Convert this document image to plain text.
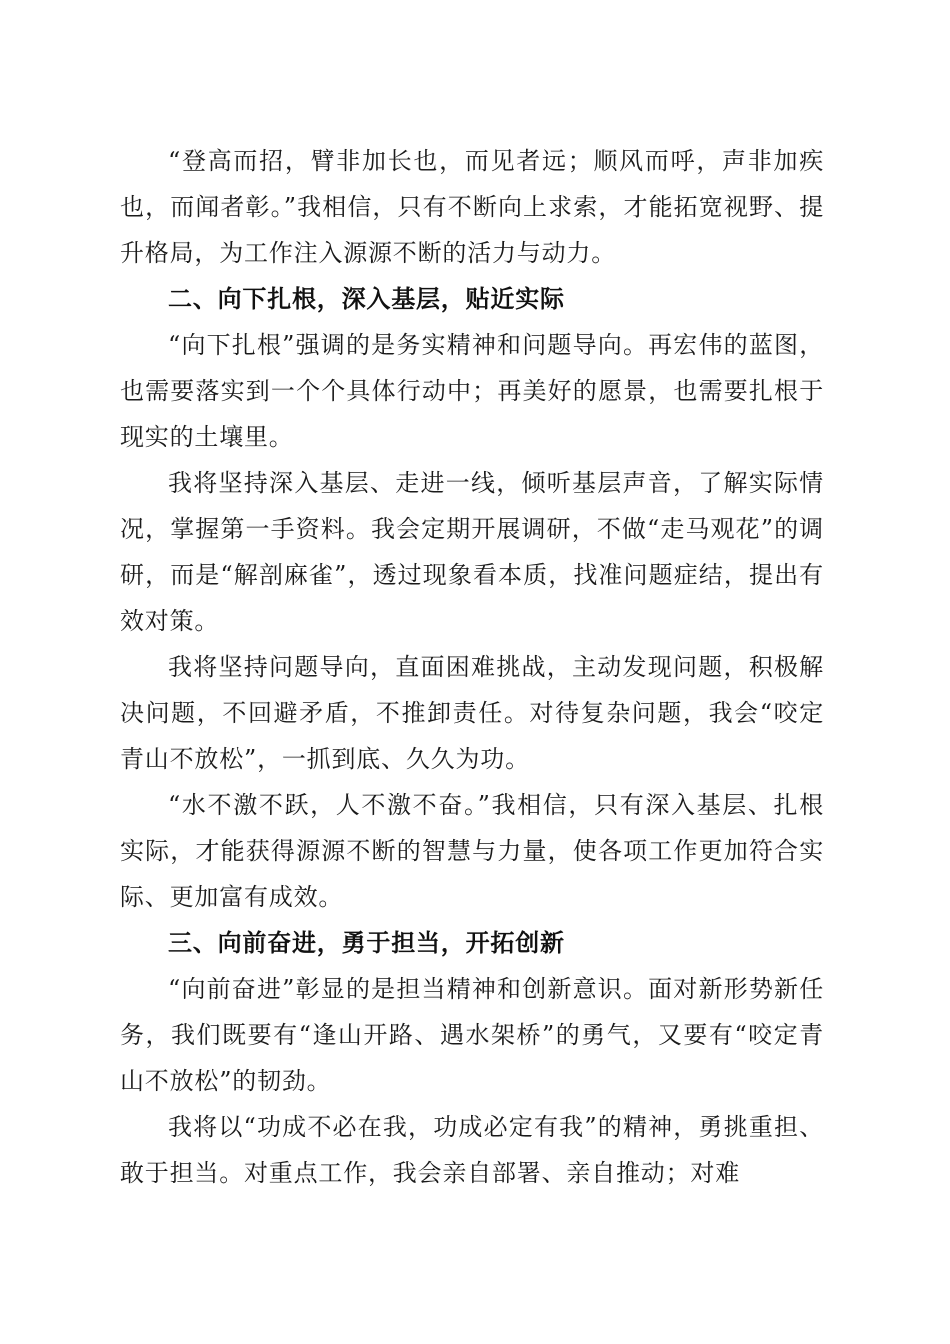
“登高而招，臂非加长也，而见者远；顺风而呼，声非加疾也，而闻者彰。”我相信，只有不断向上求索，才能拓宽视野、提升格局，为工作注入源源不断的活力与动力。

二、向下扎根，深入基层，贴近实际

“向下扎根”强调的是务实精神和问题导向。再宏伟的蓝图，也需要落实到一个个具体行动中；再美好的愿景，也需要扎根于现实的土壤里。

我将坚持深入基层、走进一线，倾听基层声音，了解实际情况，掌握第一手资料。我会定期开展调研，不做“走马观花”的调研，而是“解剖麻雀”，透过现象看本质，找准问题症结，提出有效对策。

我将坚持问题导向，直面困难挑战，主动发现问题，积极解决问题，不回避矛盾，不推卸责任。对待复杂问题，我会“咬定青山不放松”，一抓到底、久久为功。

“水不激不跃，人不激不奋。”我相信，只有深入基层、扎根实际，才能获得源源不断的智慧与力量，使各项工作更加符合实际、更加富有成效。

三、向前奋进，勇于担当，开拓创新

“向前奋进”彰显的是担当精神和创新意识。面对新形势新任务，我们既要有“逢山开路、遇水架桥”的勇气，又要有“咬定青山不放松”的韧劲。

我将以“功成不必在我，功成必定有我”的精神，勇挑重担、敢于担当。对重点工作，我会亲自部署、亲自推动；对难
